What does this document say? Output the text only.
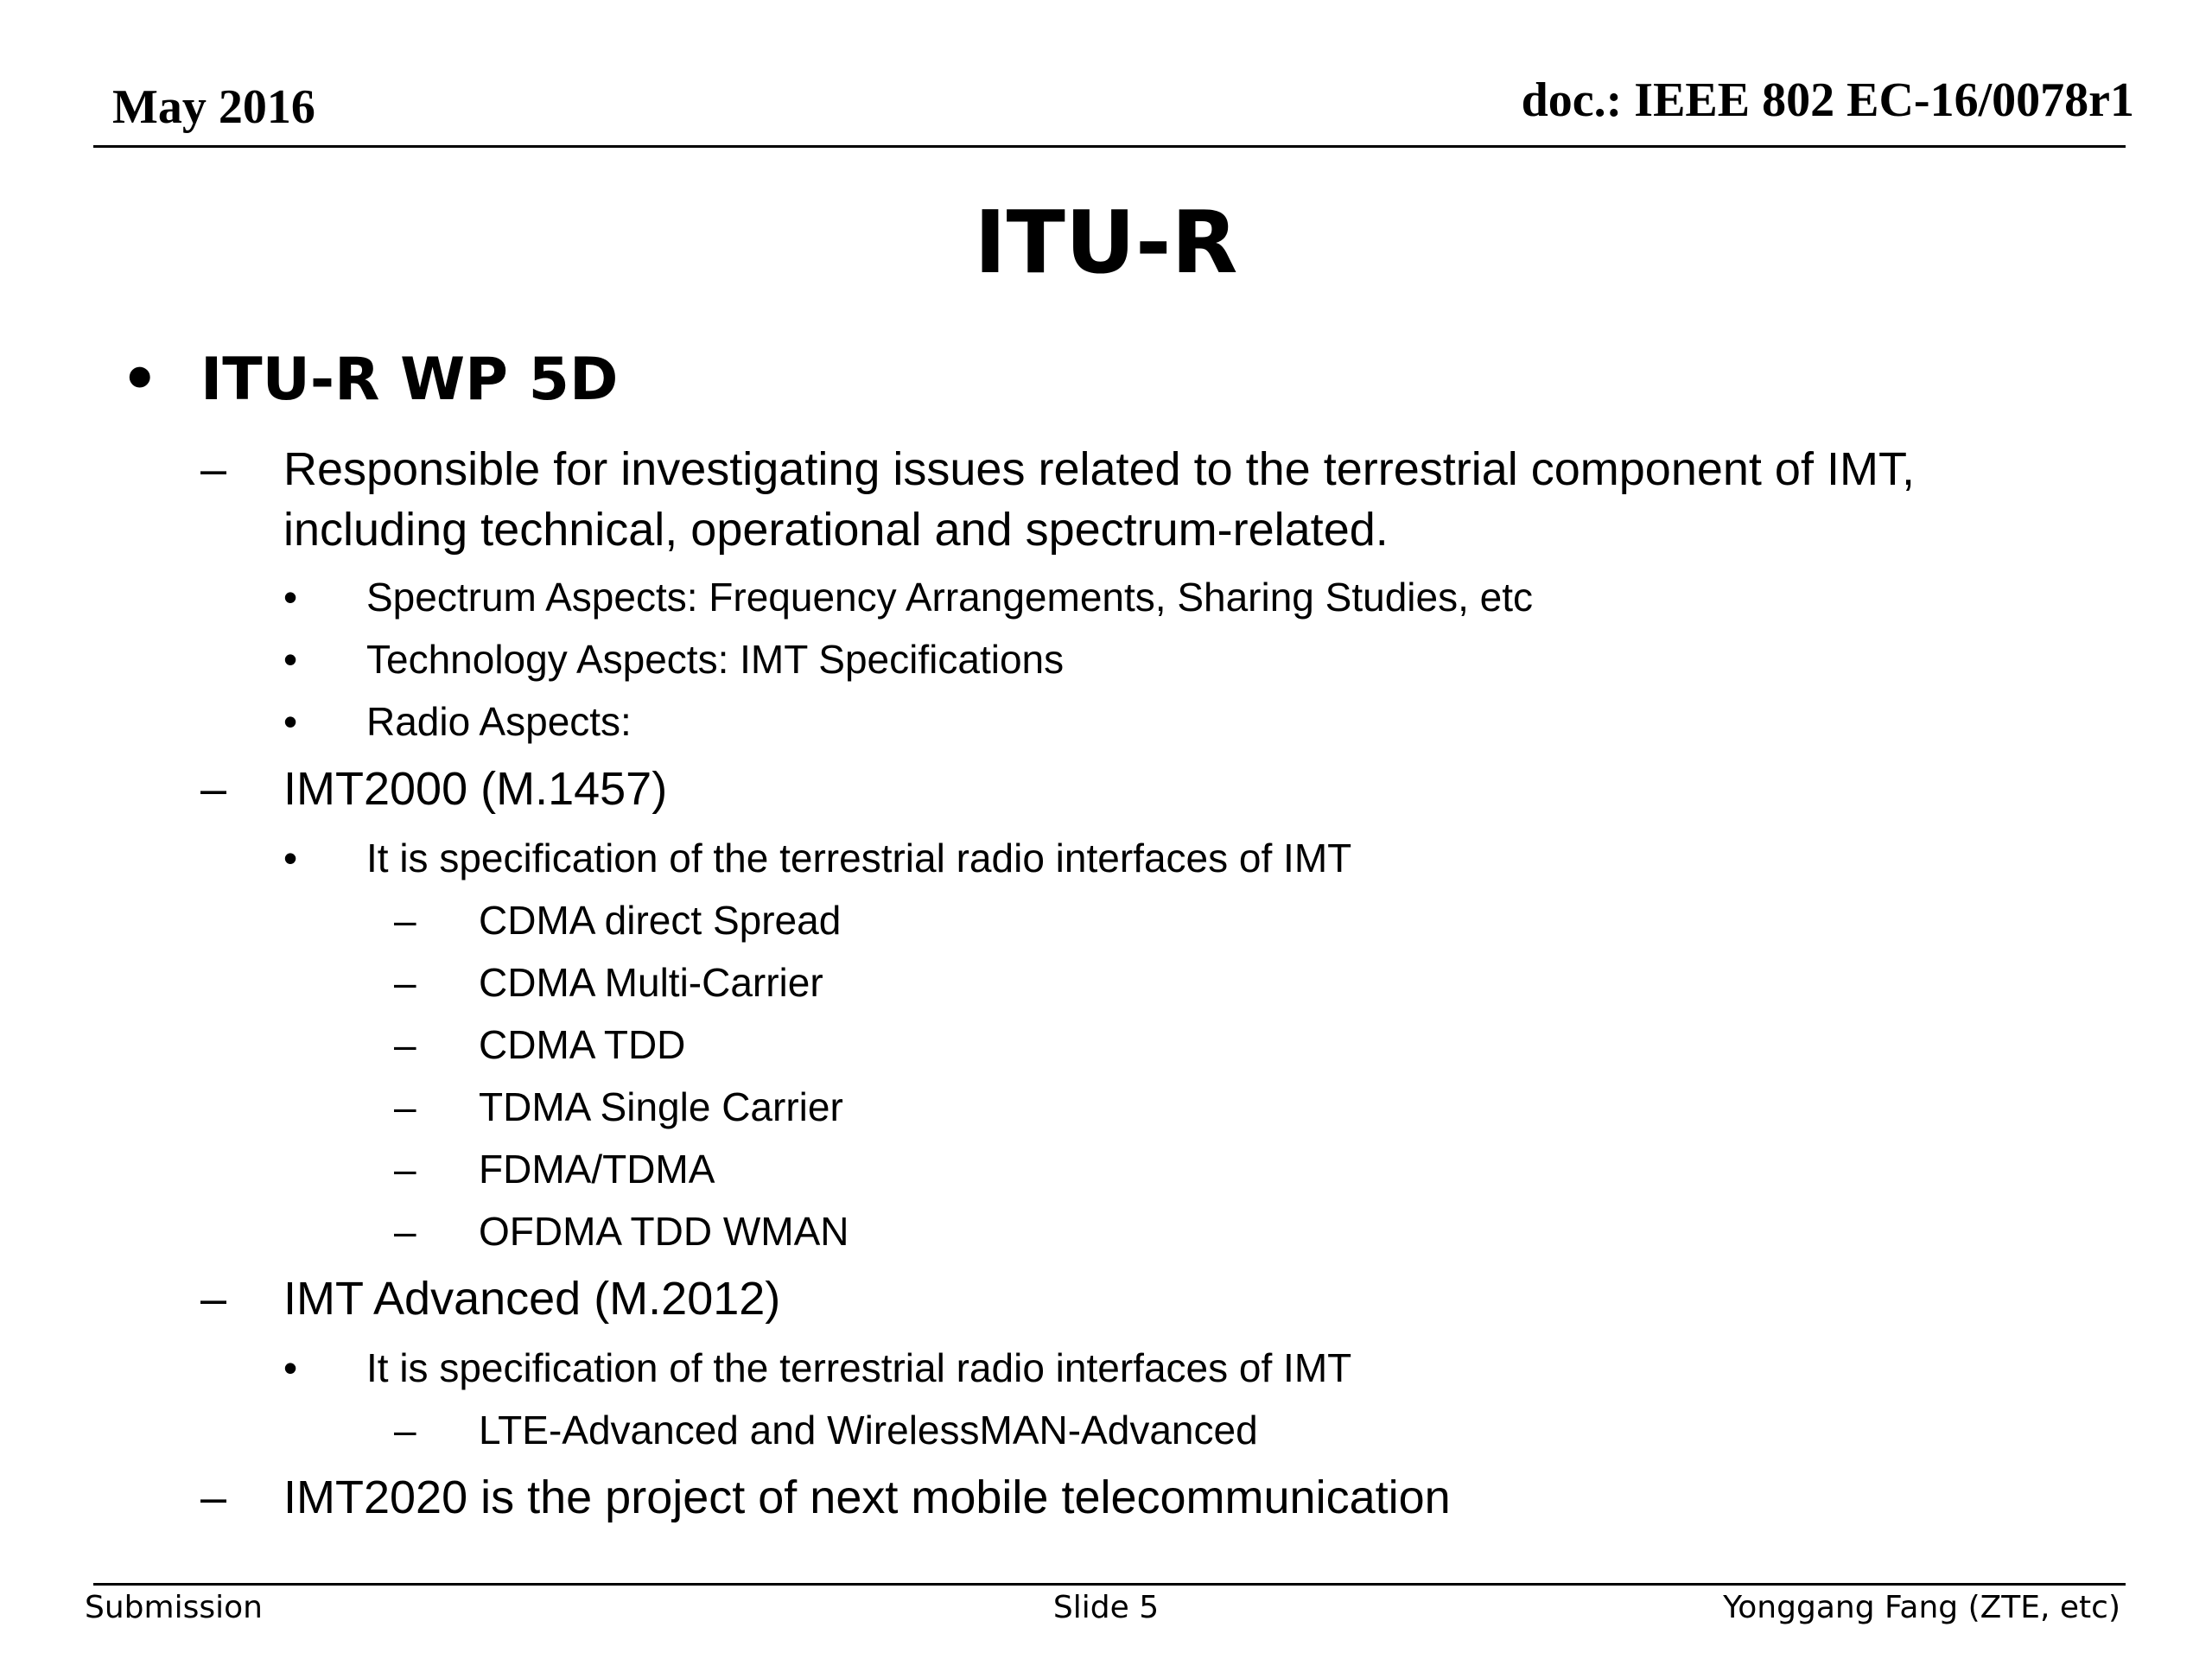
May 2016	doc.: IEEE 802 EC-16/0078r1
ITU-R
• ITU-R WP 5D
– Responsible for investigating issues related to the terrestrial component of IMT,
including technical, operational and spectrum-related.
• Spectrum Aspects: Frequency Arrangements, Sharing Studies, etc
• Technology Aspects: IMT Specifications
• Radio Aspects:
– IMT2000 (M.1457)
• It is specification of the terrestrial radio interfaces of IMT
– CDMA direct Spread
– CDMA Multi-Carrier
– CDMA TDD
– TDMA Single Carrier
– FDMA/TDMA
– OFDMA TDD WMAN
– IMT Advanced (M.2012)
• It is specification of the terrestrial radio interfaces of IMT
– LTE-Advanced and WirelessMAN-Advanced
– IMT2020 is the project of next mobile telecommunication
Submission	Slide 5	Yonggang Fang (ZTE, etc)
